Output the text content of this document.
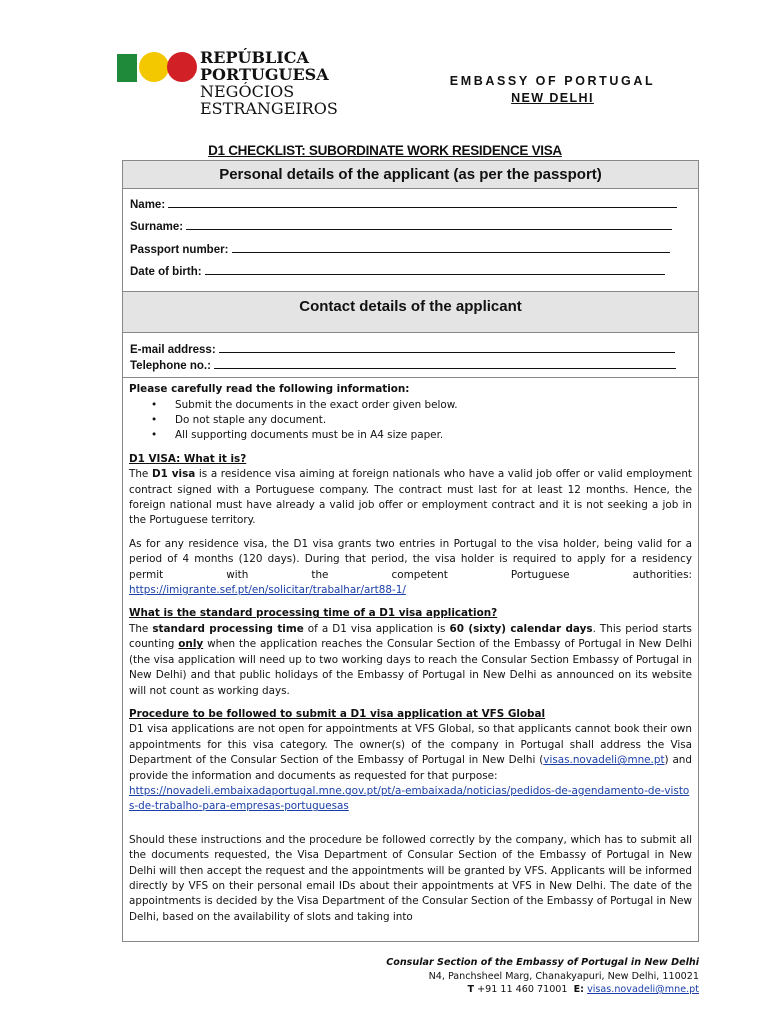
REPÚBLICA
PORTUGUESA
NEGÓCIOS
ESTRANGEIROS
EMBASSY OF PORTUGAL
NEW DELHI
D1 CHECKLIST: SUBORDINATE WORK RESIDENCE VISA
Personal details of the applicant (as per the passport)
Name:
Surname:
Passport number:
Date of birth:
Contact details of the applicant
E-mail address:
Telephone no.:
Please carefully read the following information:
• Submit the documents in the exact order given below.
• Do not staple any document.
• All supporting documents must be in A4 size paper.
D1 VISA: What it is?

The D1 visa is a residence visa aiming at foreign nationals who have a valid job offer or valid employment contract signed with a Portuguese company. The contract must last for at least 12 months. Hence, the foreign national must have already a valid job offer or employment contract and it is not seeking a job in the Portuguese territory.

As for any residence visa, the D1 visa grants two entries in Portugal to the visa holder, being valid for a period of 4 months (120 days). During that period, the visa holder is required to apply for a residency permit with the competent Portuguese authorities:

https://imigrante.sef.pt/en/solicitar/trabalhar/art88-1/
What is the standard processing time of a D1 visa application?

The standard processing time of a D1 visa application is 60 (sixty) calendar days. This period starts counting only when the application reaches the Consular Section of the Embassy of Portugal in New Delhi (the visa application will need up to two working days to reach the Consular Section Embassy of Portugal in New Delhi) and that public holidays of the Embassy of Portugal in New Delhi as announced on its website will not count as working days.

Procedure to be followed to submit a D1 visa application at VFS Global

D1 visa applications are not open for appointments at VFS Global, so that applicants cannot book their own appointments for this visa category. The owner(s) of the company in Portugal shall address the Visa Department of the Consular Section of the Embassy of Portugal in New Delhi (visas.novadeli@mne.pt) and provide the information and documents as requested for that purpose:

https://novadeli.embaixadaportugal.mne.gov.pt/pt/a-embaixada/noticias/pedidos-de-agendamento-de-vistos-de-trabalho-para-empresas-portuguesas

Should these instructions and the procedure be followed correctly by the company, which has to submit all the documents requested, the Visa Department of Consular Section of the Embassy of Portugal in New Delhi will then accept the request and the appointments will be granted by VFS. Applicants will be informed directly by VFS on their personal email IDs about their appointments at VFS in New Delhi. The date of the appointments is decided by the Visa Department of the Consular Section of the Embassy of Portugal in New Delhi, based on the availability of slots and taking into

Consular Section of the Embassy of Portugal in New Delhi
N4, Panchsheel Marg, Chanakyapuri, New Delhi, 110021
T +91 11 460 71001 E: visas.novadeli@mne.pt
